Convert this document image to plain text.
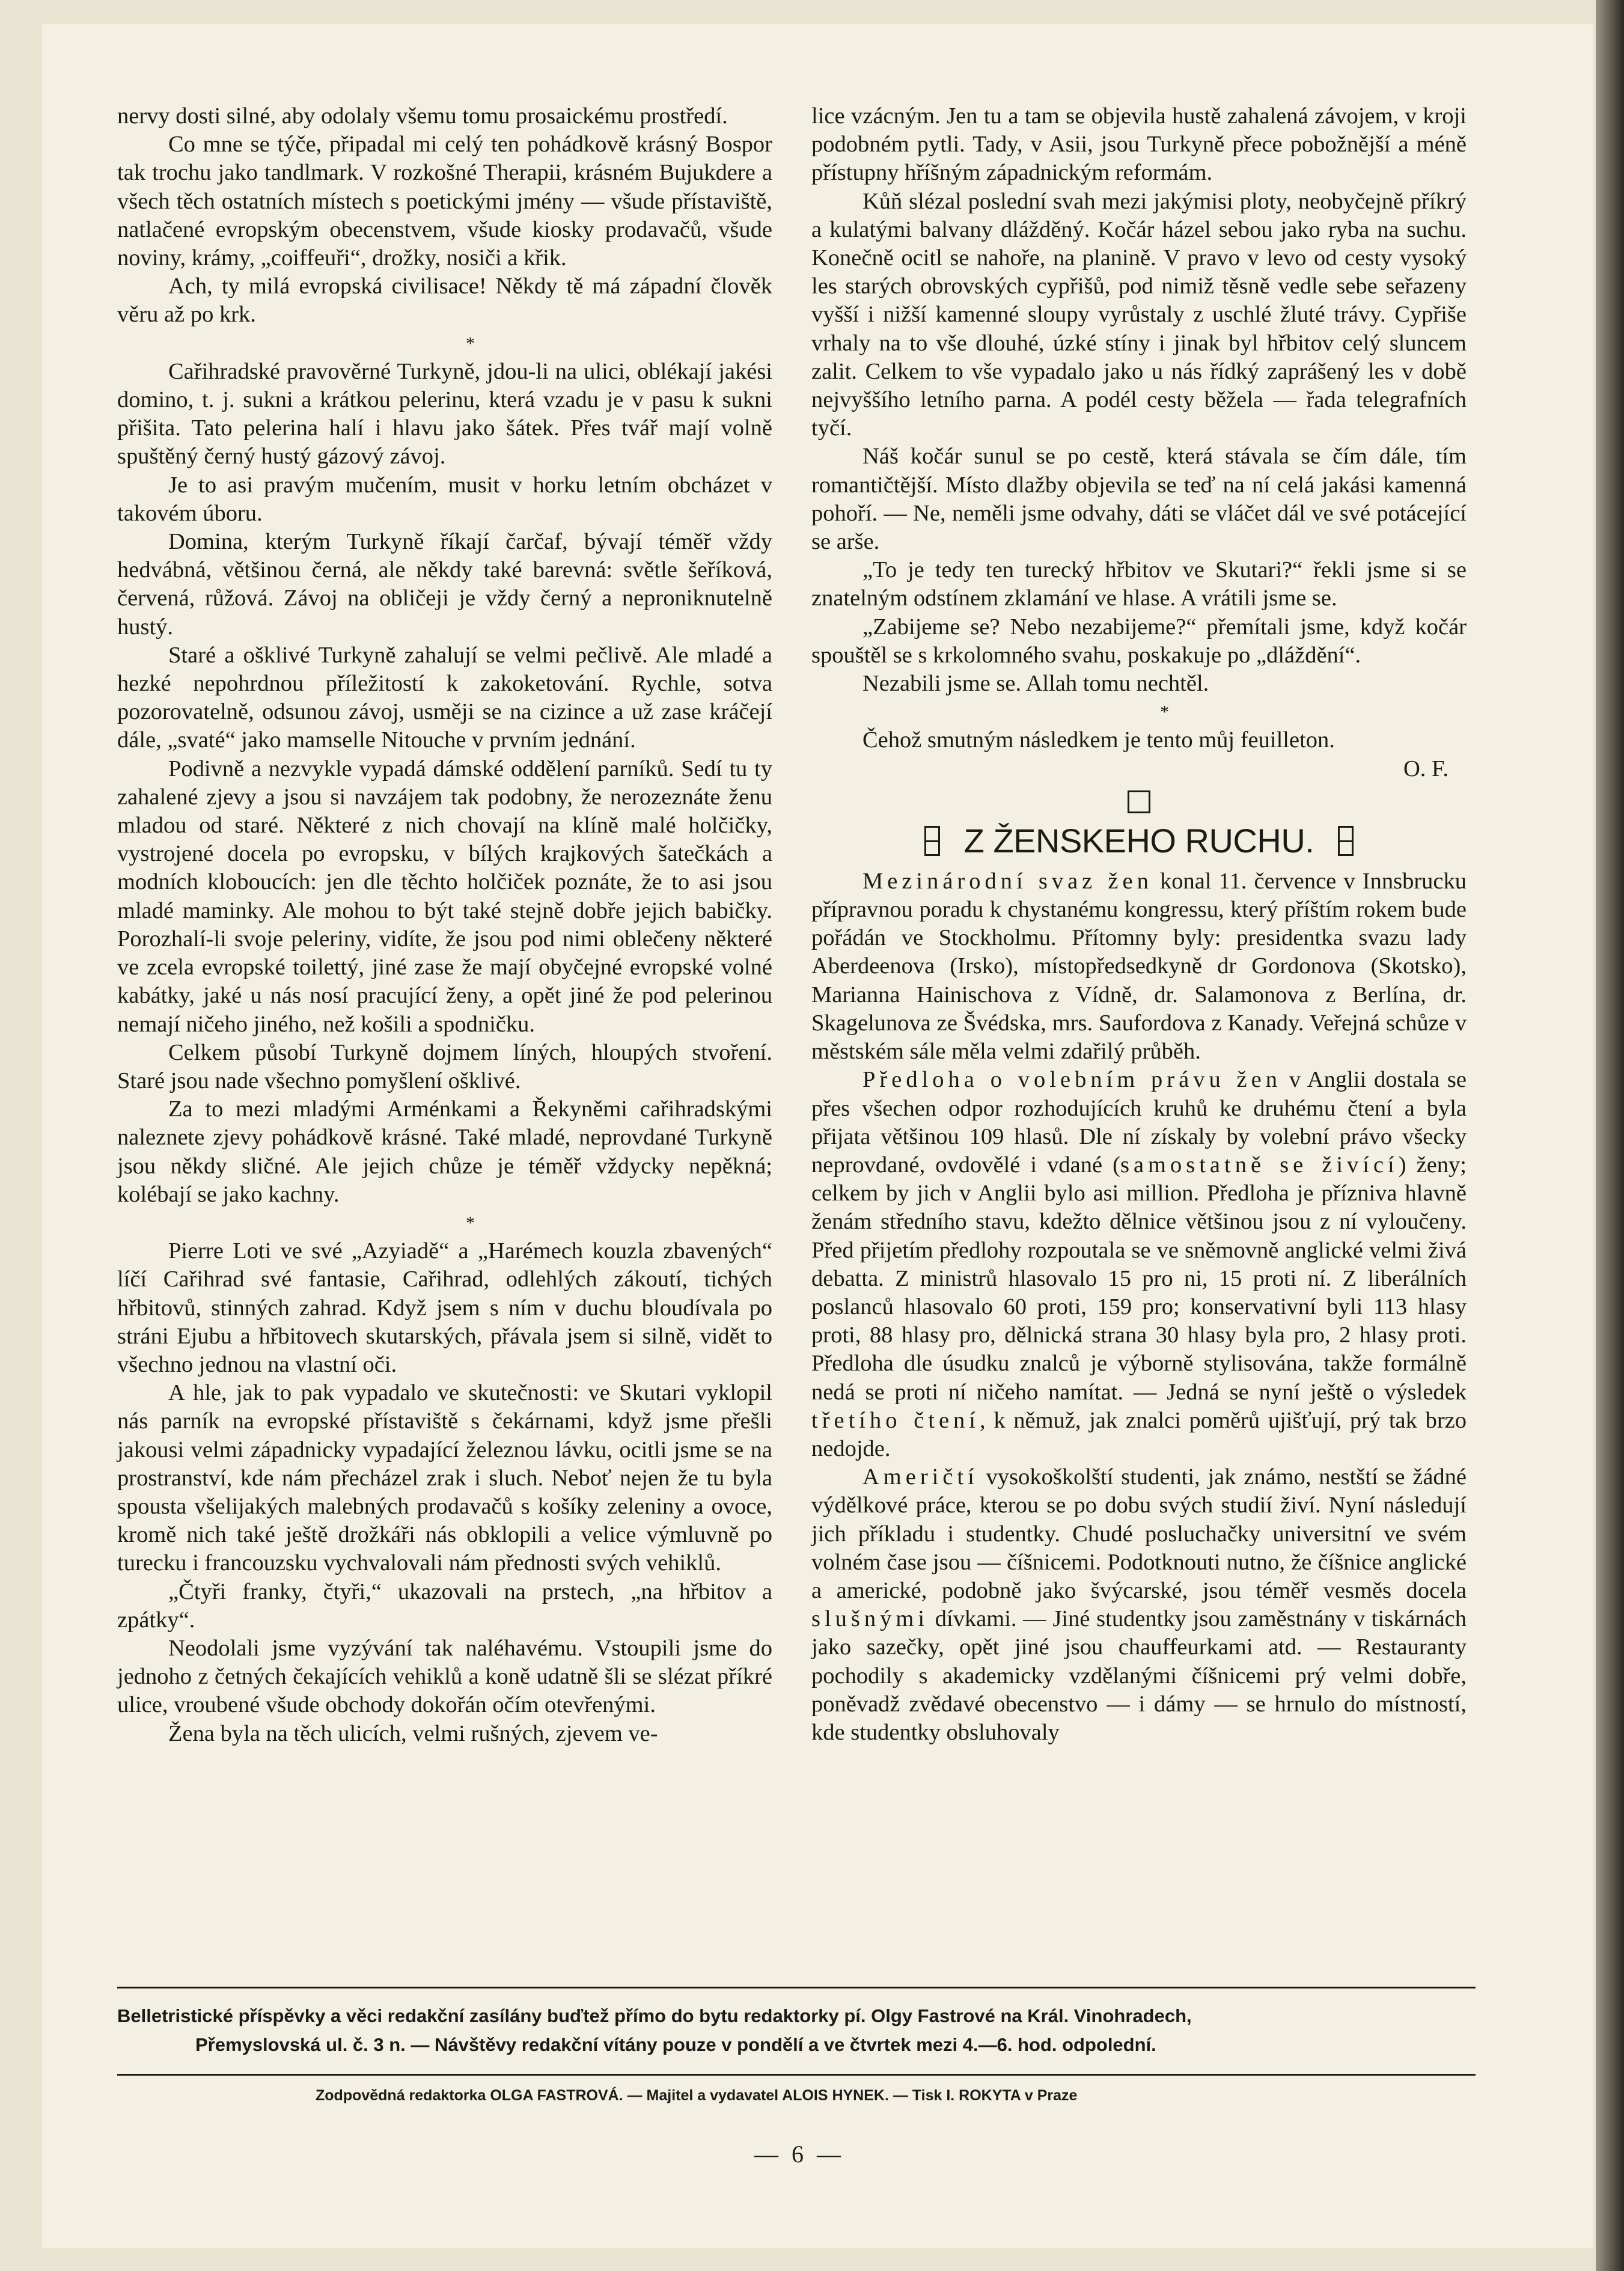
nervy dosti silné, aby odolaly všemu tomu prosaickému prostředí.

Co mne se týče, připadal mi celý ten pohádkově krásný Bospor tak trochu jako tandlmark. V rozkošné Therapii, krásném Bujukdere a všech těch ostatních místech s poetickými jmény — všude přístaviště, natlačené evropským obecenstvem, všude kiosky prodavačů, všude noviny, krámy, „coiffeuři“, drožky, nosiči a křik.

Ach, ty milá evropská civilisace! Někdy tě má západní člověk věru až po krk.

*

Cařihradské pravověrné Turkyně, jdou-li na ulici, oblékají jakési domino, t. j. sukni a krátkou pelerinu, která vzadu je v pasu k sukni přišita. Tato pelerina halí i hlavu jako šátek. Přes tvář mají volně spuštěný černý hustý gázový závoj.

Je to asi pravým mučením, musit v horku letním obcházet v takovém úboru.

Domina, kterým Turkyně říkají čarčaf, bývají téměř vždy hedvábná, většinou černá, ale někdy také barevná: světle šeříková, červená, růžová. Závoj na obličeji je vždy černý a neproniknutelně hustý.

Staré a ošklivé Turkyně zahalují se velmi pečlivě. Ale mladé a hezké nepohrdnou příležitostí k zakoketování. Rychle, sotva pozorovatelně, odsunou závoj, usměji se na cizince a už zase kráčejí dále, „svaté“ jako mamselle Nitouche v prvním jednání.

Podivně a nezvykle vypadá dámské oddělení parníků. Sedí tu ty zahalené zjevy a jsou si navzájem tak podobny, že nerozeznáte ženu mladou od staré. Některé z nich chovají na klíně malé holčičky, vystrojené docela po evropsku, v bílých krajkových šatečkách a modních kloboucích: jen dle těchto holčiček poznáte, že to asi jsou mladé maminky. Ale mohou to být také stejně dobře jejich babičky. Porozhalí-li svoje peleriny, vidíte, že jsou pod nimi oblečeny některé ve zcela evropské toilettý, jiné zase že mají obyčejné evropské volné kabátky, jaké u nás nosí pracující ženy, a opět jiné že pod pelerinou nemají ničeho jiného, než košili a spodničku.

Celkem působí Turkyně dojmem líných, hloupých stvoření. Staré jsou nade všechno pomyšlení ošklivé.

Za to mezi mladými Arménkami a Řekyněmi cařihradskými naleznete zjevy pohádkově krásné. Také mladé, neprovdané Turkyně jsou někdy sličné. Ale jejich chůze je téměř vždycky nepěkná; kolébají se jako kachny.

*

Pierre Loti ve své „Azyiadě“ a „Harémech kouzla zbavených“ líčí Cařihrad své fantasie, Cařihrad, odlehlých zákoutí, tichých hřbitovů, stinných zahrad. Když jsem s ním v duchu bloudívala po stráni Ejubu a hřbitovech skutarských, přávala jsem si silně, vidět to všechno jednou na vlastní oči.

A hle, jak to pak vypadalo ve skutečnosti: ve Skutari vyklopil nás parník na evropské přístaviště s čekárnami, když jsme přešli jakousi velmi západnicky vypadající železnou lávku, ocitli jsme se na prostranství, kde nám přecházel zrak i sluch. Neboť nejen že tu byla spousta všelijakých malebných prodavačů s košíky zeleniny a ovoce, kromě nich také ještě drožkáři nás obklopili a velice výmluvně po turecku i francouzsku vychvalovali nám přednosti svých vehiklů.

„Čtyři franky, čtyři,“ ukazovali na prstech, „na hřbitov a zpátky“.

Neodolali jsme vyzývání tak naléhavému. Vstoupili jsme do jednoho z četných čekajících vehiklů a koně udatně šli se slézat příkré ulice, vroubené všude obchody dokořán očím otevřenými.

Žena byla na těch ulicích, velmi rušných, zjevem ve-

lice vzácným. Jen tu a tam se objevila hustě zahalená závojem, v kroji podobném pytli. Tady, v Asii, jsou Turkyně přece pobožnější a méně přístupny hříšným západnickým reformám.

Kůň slézal poslední svah mezi jakýmisi ploty, neobyčejně příkrý a kulatými balvany dlážděný. Kočár házel sebou jako ryba na suchu. Konečně ocitl se nahoře, na planině. V pravo v levo od cesty vysoký les starých obrovských cypřišů, pod nimiž těsně vedle sebe seřazeny vyšší i nižší kamenné sloupy vyrůstaly z uschlé žluté trávy. Cypřiše vrhaly na to vše dlouhé, úzké stíny i jinak byl hřbitov celý sluncem zalit. Celkem to vše vypadalo jako u nás řídký zaprášený les v době nejvyššího letního parna. A podél cesty běžela — řada telegrafních tyčí.

Náš kočár sunul se po cestě, která stávala se čím dále, tím romantičtější. Místo dlažby objevila se teď na ní celá jakási kamenná pohoří. — Ne, neměli jsme odvahy, dáti se vláčet dál ve své potácející se arše.

„To je tedy ten turecký hřbitov ve Skutari?“ řekli jsme si se znatelným odstínem zklamání ve hlase. A vrátili jsme se.

„Zabijeme se? Nebo nezabijeme?“ přemítali jsme, když kočár spouštěl se s krkolomného svahu, poskakuje po „dláždění“.

Nezabili jsme se. Allah tomu nechtěl.

*

Čehož smutným následkem je tento můj feuilleton.

O. F.

Z ŽENSKEHO RUCHU.

Mezinárodní svaz žen konal 11. července v Innsbrucku přípravnou poradu k chystanému kongressu, který příštím rokem bude pořádán ve Stockholmu. Přítomny byly: presidentka svazu lady Aberdeenova (Irsko), místopředsedkyně dr Gordonova (Skotsko), Marianna Hainischova z Vídně, dr. Salamonova z Berlína, dr. Skagelunova ze Švédska, mrs. Saufordova z Kanady. Veřejná schůze v městském sále měla velmi zdařilý průběh.

Předloha o volebním právu žen v Anglii dostala se přes všechen odpor rozhodujících kruhů ke druhému čtení a byla přijata většinou 109 hlasů. Dle ní získaly by volební právo všecky neprovdané, ovdovělé i vdané (samostatně se živící) ženy; celkem by jich v Anglii bylo asi million. Předloha je přízniva hlavně ženám středního stavu, kdežto dělnice většinou jsou z ní vyloučeny. Před přijetím předlohy rozpoutala se ve sněmovně anglické velmi živá debatta. Z ministrů hlasovalo 15 pro ni, 15 proti ní. Z liberálních poslanců hlasovalo 60 proti, 159 pro; konservativní byli 113 hlasy proti, 88 hlasy pro, dělnická strana 30 hlasy byla pro, 2 hlasy proti. Předloha dle úsudku znalců je výborně stylisována, takže formálně nedá se proti ní ničeho namítat. — Jedná se nyní ještě o výsledek třetího čtení, k němuž, jak znalci poměrů ujišťují, prý tak brzo nedojde.

Američtí vysokoškolští studenti, jak známo, nestští se žádné výdělkové práce, kterou se po dobu svých studií živí. Nyní následují jich příkladu i studentky. Chudé posluchačky universitní ve svém volném čase jsou — číšnicemi. Podotknouti nutno, že číšnice anglické a americké, podobně jako švýcarské, jsou téměř vesměs docela slušnými dívkami. — Jiné studentky jsou zaměstnány v tiskárnách jako sazečky, opět jiné jsou chauffeurkami atd. — Restauranty pochodily s akademicky vzdělanými číšnicemi prý velmi dobře, poněvadž zvědavé obecenstvo — i dámy — se hrnulo do místností, kde studentky obsluhovaly

Belletristické příspěvky a věci redakční zasílány buďtež přímo do bytu redaktorky pí. Olgy Fastrové na Král. Vinohradech,
Přemyslovská ul. č. 3 n. — Návštěvy redakční vítány pouze v pondělí a ve čtvrtek mezi 4.—6. hod. odpolední.
Zodpovědná redaktorka OLGA FASTROVÁ. — Majitel a vydavatel ALOIS HYNEK. — Tisk I. ROKYTA v Praze
— 6 —
